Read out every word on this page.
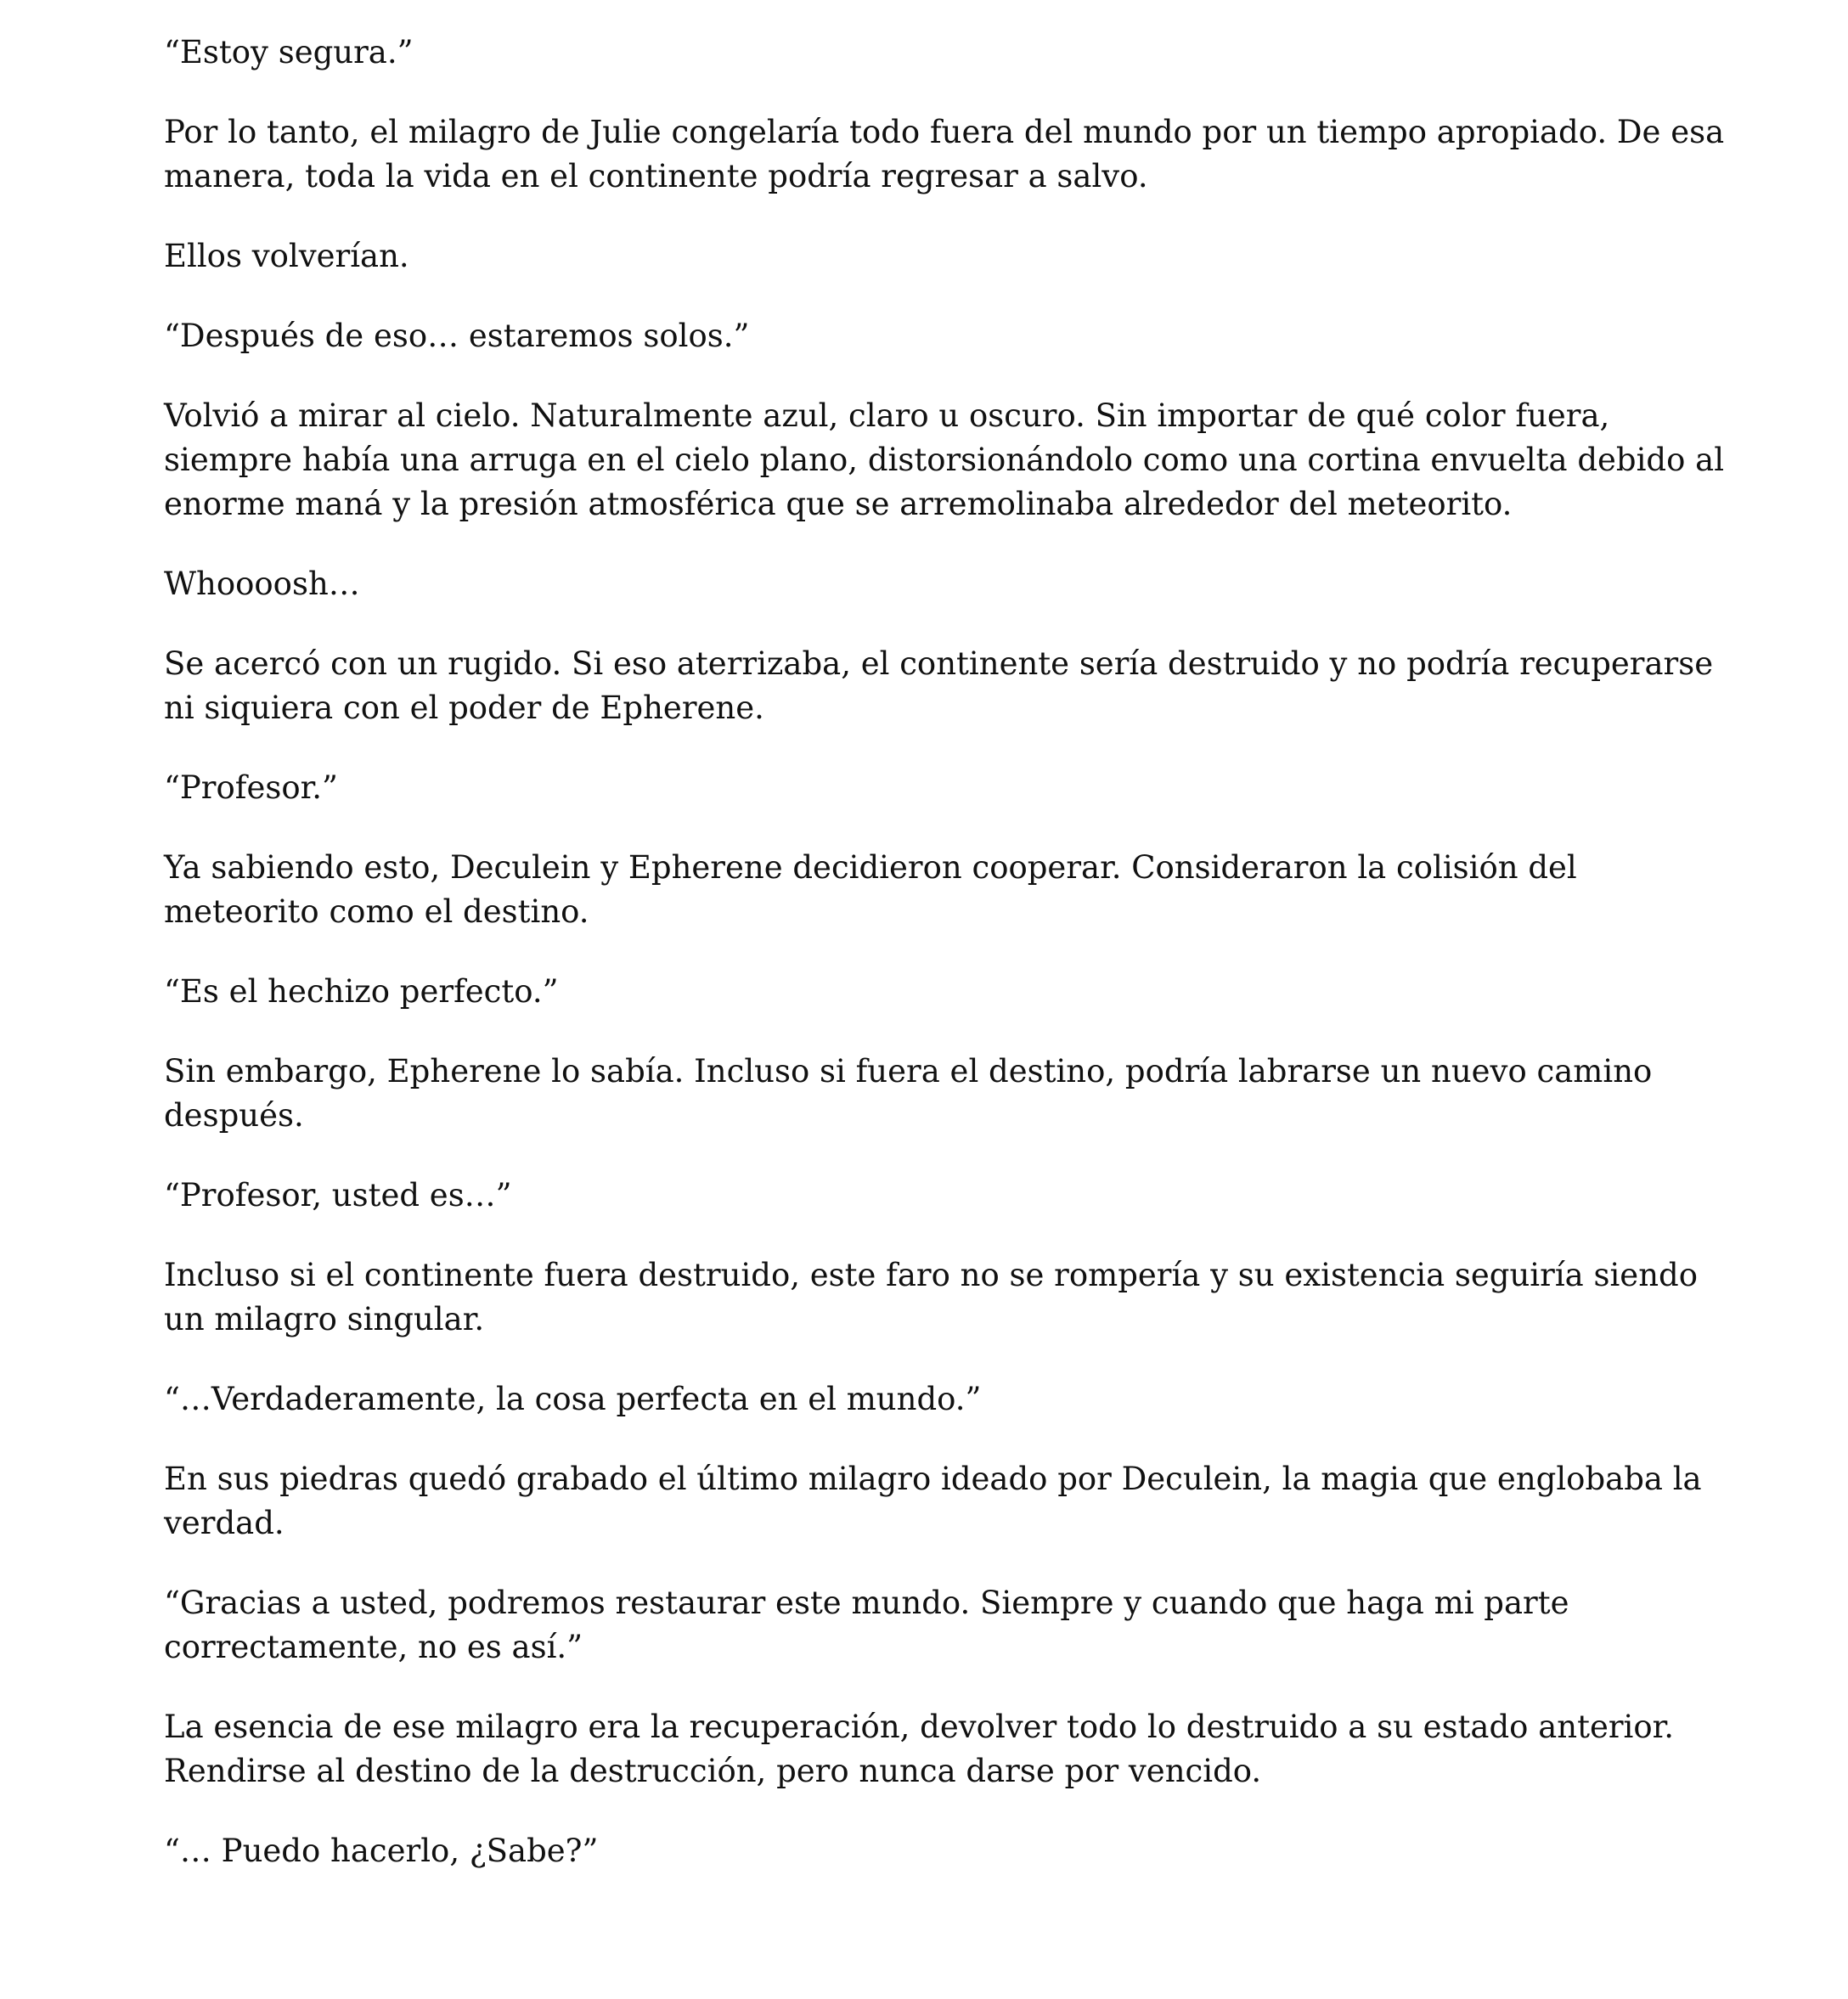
“Estoy segura.”

Por lo tanto, el milagro de Julie congelaría todo fuera del mundo por un tiempo apropiado. De esa manera, toda la vida en el continente podría regresar a salvo.

Ellos volverían.

“Después de eso… estaremos solos.”

Volvió a mirar al cielo. Naturalmente azul, claro u oscuro. Sin importar de qué color fuera, siempre había una arruga en el cielo plano, distorsionándolo como una cortina envuelta debido al enorme maná y la presión atmosférica que se arremolinaba alrededor del meteorito.

Whoooosh…

Se acercó con un rugido. Si eso aterrizaba, el continente sería destruido y no podría recuperarse ni siquiera con el poder de Epherene.

“Profesor.”

Ya sabiendo esto, Deculein y Epherene decidieron cooperar. Consideraron la colisión del meteorito como el destino.

“Es el hechizo perfecto.”

Sin embargo, Epherene lo sabía. Incluso si fuera el destino, podría labrarse un nuevo camino después.

“Profesor, usted es…”

Incluso si el continente fuera destruido, este faro no se rompería y su existencia seguiría siendo un milagro singular.

“…Verdaderamente, la cosa perfecta en el mundo.”

En sus piedras quedó grabado el último milagro ideado por Deculein, la magia que englobaba la verdad.

“Gracias a usted, podremos restaurar este mundo. Siempre y cuando que haga mi parte correctamente, no es así.”

La esencia de ese milagro era la recuperación, devolver todo lo destruido a su estado anterior. Rendirse al destino de la destrucción, pero nunca darse por vencido.

“… Puedo hacerlo, ¿Sabe?”
